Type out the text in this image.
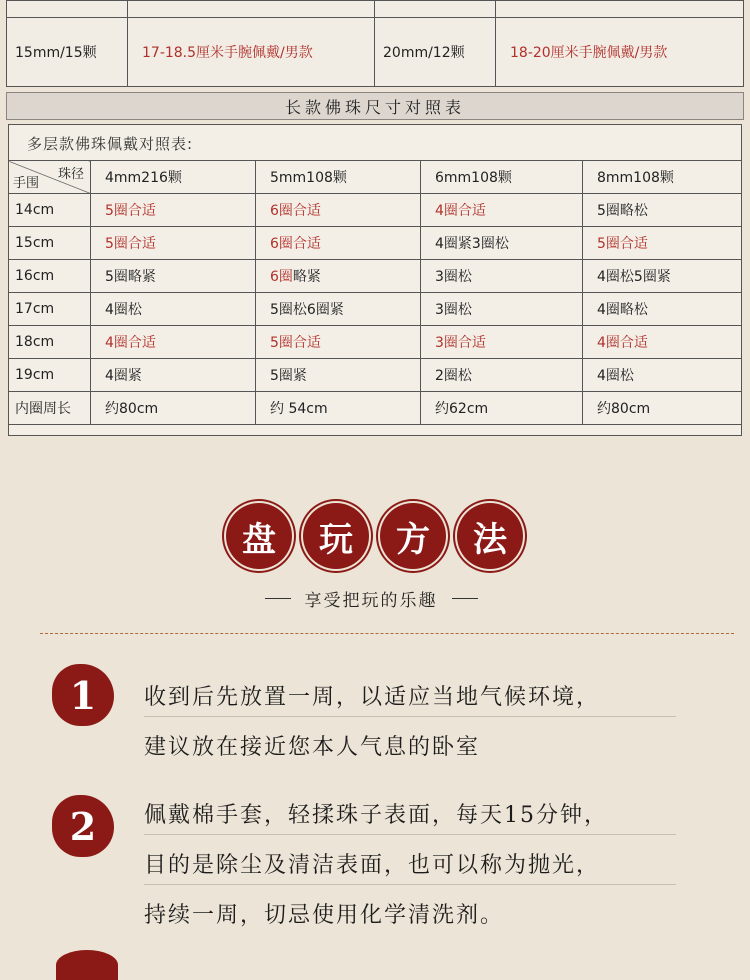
15mm/15颗	17-18.5厘米手腕佩戴/男款	20mm/12颗	18-20厘米手腕佩戴/男款
长款佛珠尺寸对照表
多层款佛珠佩戴对照表:
珠径
手围	4mm216颗	5mm108颗	6mm108颗	8mm108颗
14cm	5圈合适	6圈合适	4圈合适	5圈略松
15cm	5圈合适	6圈合适	4圈紧3圈松	5圈合适
16cm	5圈略紧	6圈略紧	3圈松	4圈松5圈紧
17cm	4圈松	5圈松6圈紧	3圈松	4圈略松
18cm	4圈合适	5圈合适	3圈合适	4圈合适
19cm	4圈紧	5圈紧	2圈松	4圈松
内圈周长	约80cm	约 54cm	约62cm	约80cm
盘	玩	方	法
享受把玩的乐趣
1	收到后先放置一周，以适应当地气候环境，
建议放在接近您本人气息的卧室
2	佩戴棉手套，轻揉珠子表面，每天15分钟，
目的是除尘及清洁表面，也可以称为抛光，
持续一周，切忌使用化学清洗剂。
